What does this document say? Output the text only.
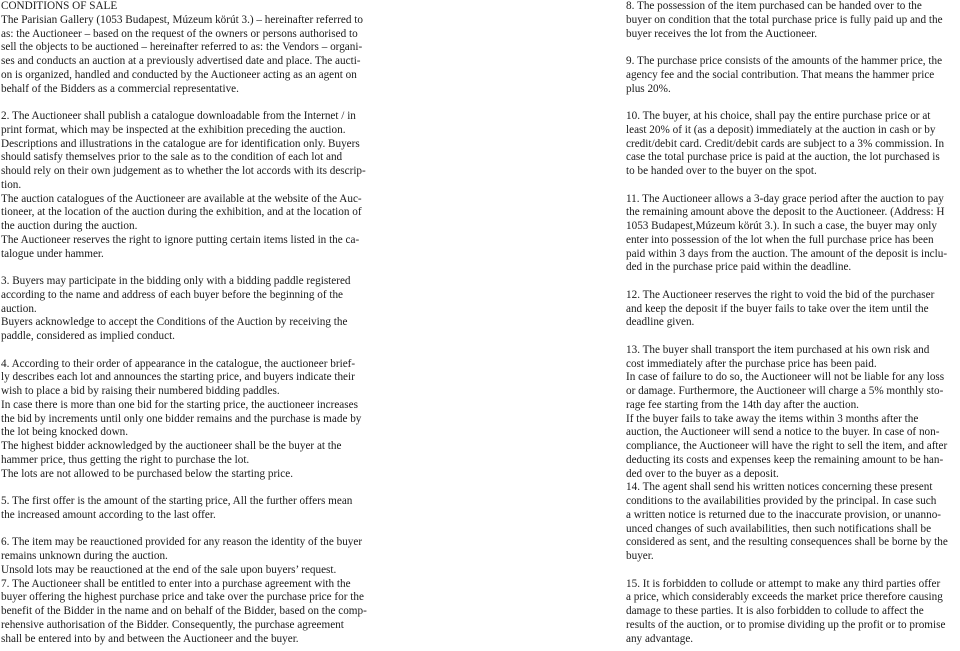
CONDITIONS OF SALE
The Parisian Gallery (1053 Budapest, Múzeum körút 3.) – hereinafter referred to
as: the Auctioneer – based on the request of the owners or persons authorised to
sell the objects to be auctioned – hereinafter referred to as: the Vendors – organi-
ses and conducts an auction at a previously advertised date and place. The aucti-
on is organized, handled and conducted by the Auctioneer acting as an agent on
behalf of the Bidders as a commercial representative.
2. The Auctioneer shall publish a catalogue downloadable from the Internet / in
print format, which may be inspected at the exhibition preceding the auction.
Descriptions and illustrations in the catalogue are for identification only. Buyers
should satisfy themselves prior to the sale as to the condition of each lot and
should rely on their own judgement as to whether the lot accords with its descrip-
tion.
The auction catalogues of the Auctioneer are available at the website of the Auc-
tioneer, at the location of the auction during the exhibition, and at the location of
the auction during the auction.
The Auctioneer reserves the right to ignore putting certain items listed in the ca-
talogue under hammer.
3. Buyers may participate in the bidding only with a bidding paddle registered
according to the name and address of each buyer before the beginning of the
auction.
Buyers acknowledge to accept the Conditions of the Auction by receiving the
paddle, considered as implied conduct.
4. According to their order of appearance in the catalogue, the auctioneer brief-
ly describes each lot and announces the starting price, and buyers indicate their
wish to place a bid by raising their numbered bidding paddles.
In case there is more than one bid for the starting price, the auctioneer increases
the bid by increments until only one bidder remains and the purchase is made by
the lot being knocked down.
The highest bidder acknowledged by the auctioneer shall be the buyer at the
hammer price, thus getting the right to purchase the lot.
The lots are not allowed to be purchased below the starting price.
5. The first offer is the amount of the starting price, All the further offers mean
the increased amount according to the last offer.
6. The item may be reauctioned provided for any reason the identity of the buyer
remains unknown during the auction.
Unsold lots may be reauctioned at the end of the sale upon buyers’ request.
7. The Auctioneer shall be entitled to enter into a purchase agreement with the
buyer offering the highest purchase price and take over the purchase price for the
benefit of the Bidder in the name and on behalf of the Bidder, based on the comp-
rehensive authorisation of the Bidder. Consequently, the purchase agreement
shall be entered into by and between the Auctioneer and the buyer.
8. The possession of the item purchased can be handed over to the
buyer on condition that the total purchase price is fully paid up and the
buyer receives the lot from the Auctioneer.
9. The purchase price consists of the amounts of the hammer price, the
agency fee and the social contribution. That means the hammer price
plus 20%.
10. The buyer, at his choice, shall pay the entire purchase price or at
least 20% of it (as a deposit) immediately at the auction in cash or by
credit/debit card. Credit/debit cards are subject to a 3% commission. In
case the total purchase price is paid at the auction, the lot purchased is
to be handed over to the buyer on the spot.
11. The Auctioneer allows a 3-day grace period after the auction to pay
the remaining amount above the deposit to the Auctioneer. (Address: H
1053 Budapest,Múzeum körút 3.). In such a case, the buyer may only
enter into possession of the lot when the full purchase price has been
paid within 3 days from the auction. The amount of the deposit is inclu-
ded in the purchase price paid within the deadline.
12. The Auctioneer reserves the right to void the bid of the purchaser
and keep the deposit if the buyer fails to take over the item until the
deadline given.
13. The buyer shall transport the item purchased at his own risk and
cost immediately after the purchase price has been paid.
In case of failure to do so, the Auctioneer will not be liable for any loss
or damage. Furthermore, the Auctioneer will charge a 5% monthly sto-
rage fee starting from the 14th day after the auction.
If the buyer fails to take away the items within 3 months after the
auction, the Auctioneer will send a notice to the buyer. In case of non-
compliance, the Auctioneer will have the right to sell the item, and after
deducting its costs and expenses keep the remaining amount to be han-
ded over to the buyer as a deposit.
14. The agent shall send his written notices concerning these present
conditions to the availabilities provided by the principal. In case such
a written notice is returned due to the inaccurate provision, or unanno-
unced changes of such availabilities, then such notifications shall be
considered as sent, and the resulting consequences shall be borne by the
buyer.
15. It is forbidden to collude or attempt to make any third parties offer
a price, which considerably exceeds the market price therefore causing
damage to these parties. It is also forbidden to collude to affect the
results of the auction, or to promise dividing up the profit or to promise
any advantage.
